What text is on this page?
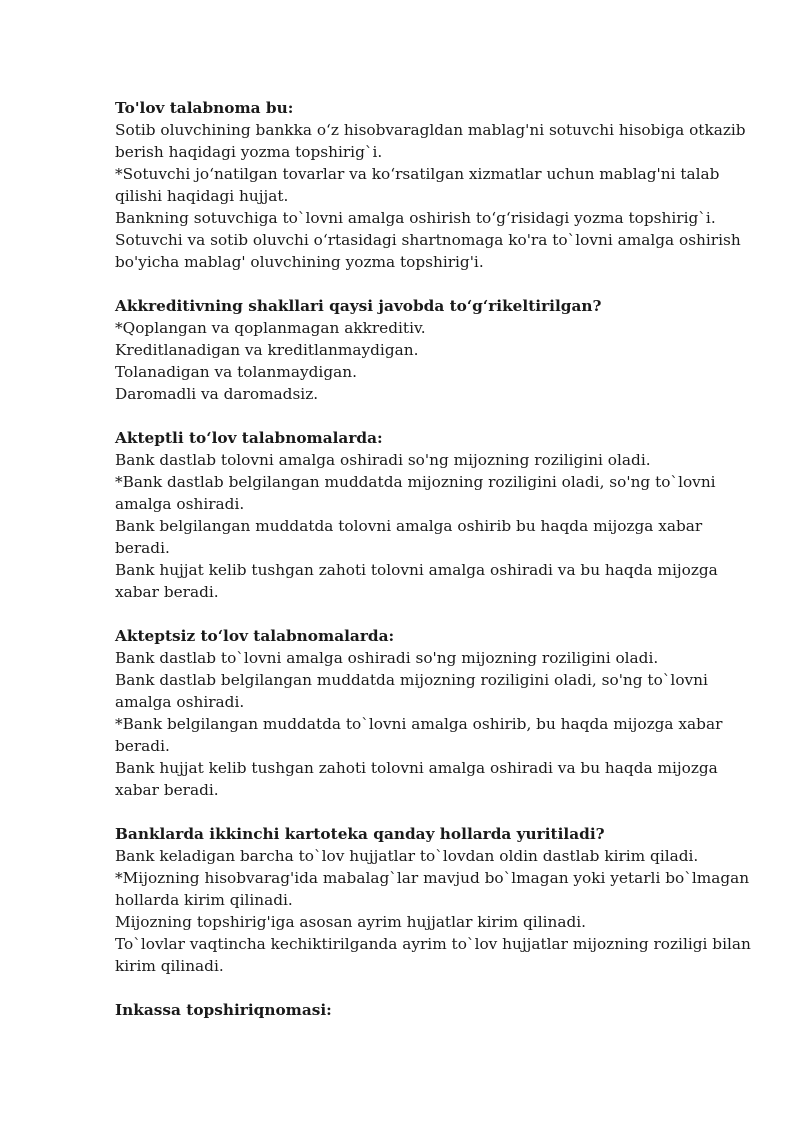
To'lov talabnoma bu:

Sotib oluvchining bankka o‘z hisobvaragldan mablag'ni sotuvchi hisobiga otkazib berish haqidagi yozma topshirig`i.

*Sotuvchi jo‘natilgan tovarlar va ko‘rsatilgan xizmatlar uchun mablag'ni talab qilishi haqidagi hujjat.

Bankning sotuvchiga to`lovni amalga oshirish to‘g‘risidagi yozma topshirig`i.

Sotuvchi va sotib oluvchi o‘rtasidagi shartnomaga ko'ra to`lovni amalga oshirish bo'yicha mablag' oluvchining yozma topshirig'i.

Akkreditivning shakllari qaysi javobda to‘g‘rikeltirilgan?

*Qoplangan va qoplanmagan akkreditiv.

Kreditlanadigan va kreditlanmaydigan.

Tolanadigan va tolanmaydigan.

Daromadli va daromadsiz.

Akteptli to‘lov talabnomalarda:

Bank dastlab tolovni amalga oshiradi so'ng mijozning roziligini oladi.

*Bank dastlab belgilangan muddatda mijozning roziligini oladi, so'ng to`lovni amalga oshiradi.

Bank belgilangan muddatda tolovni amalga oshirib bu haqda mijozga xabar beradi.

Bank hujjat kelib tushgan zahoti tolovni amalga oshiradi va bu haqda mijozga xabar beradi.

Akteptsiz to‘lov talabnomalarda:

Bank dastlab to`lovni amalga oshiradi so'ng mijozning roziligini oladi.

Bank dastlab belgilangan muddatda mijozning roziligini oladi, so'ng to`lovni amalga oshiradi.

*Bank belgilangan muddatda to`lovni amalga oshirib, bu haqda mijozga xabar beradi.

Bank hujjat kelib tushgan zahoti tolovni amalga oshiradi va bu haqda mijozga xabar beradi.

Banklarda ikkinchi kartoteka qanday hollarda yuritiladi?

Bank keladigan barcha to`lov hujjatlar to`lovdan oldin dastlab kirim qiladi.

*Mijozning hisobvarag'ida mabalag`lar mavjud bo`lmagan yoki yetarli bo`lmagan hollarda kirim qilinadi.

Mijozning topshirig'iga asosan ayrim hujjatlar kirim qilinadi.

To`lovlar vaqtincha kechiktirilganda ayrim to`lov hujjatlar mijozning roziligi bilan kirim qilinadi.

Inkassa topshiriqnomasi:
